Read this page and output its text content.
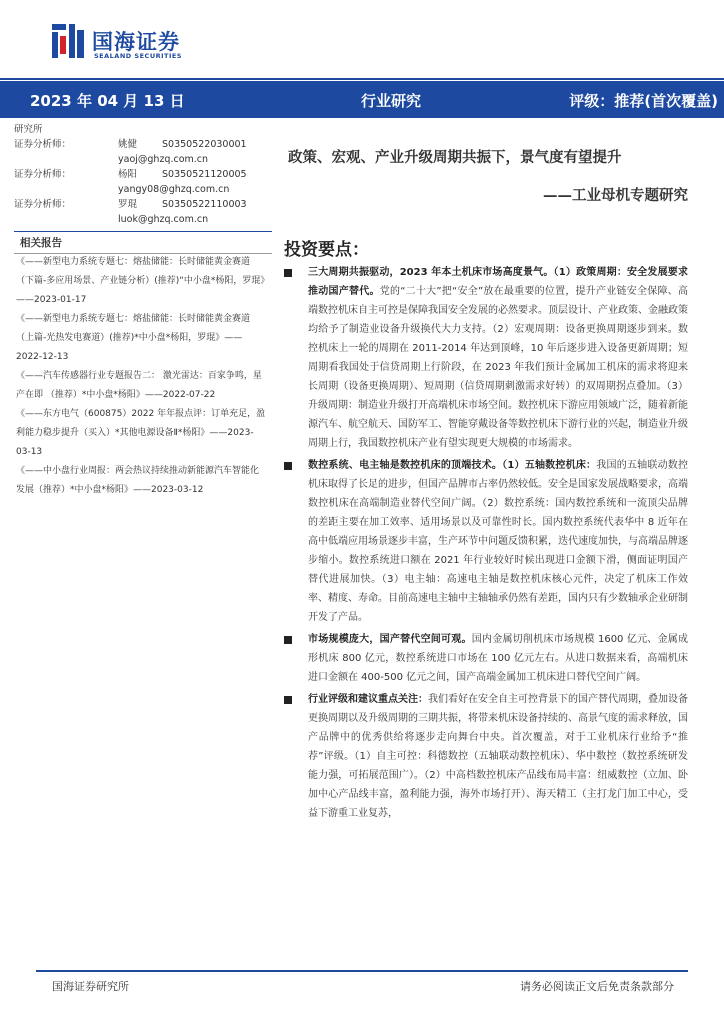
国海证券
SEALAND SECURITIES
2023 年 04 月 13 日	行业研究	评级：推荐(首次覆盖)
研究所
证券分析师：	姚健	S0350522030001
yaoj@ghzq.com.cn
证券分析师：	杨阳	S0350521120005
yangy08@ghzq.com.cn
证券分析师：	罗琨	S0350522110003
luok@ghzq.com.cn
政策、宏观、产业升级周期共振下，景气度有望提升
——工业母机专题研究
相关报告

《——新型电力系统专题七：熔盐储能：长时储能黄金赛道（下篇-多应用场景、产业链分析）(推荐)“中小盘*杨阳，罗琨》——2023-01-17

《——新型电力系统专题七：熔盐储能：长时储能黄金赛道（上篇-光热发电赛道）(推荐)*中小盘*杨阳，罗琨》——2022-12-13

《——汽车传感器行业专题报告二： 激光雷达：百家争鸣，星产在即 （推荐）*中小盘*杨阳》——2022-07-22

《——东方电气（600875）2022 年年报点评：订单充足，盈利能力稳步提升（买入）*其他电源设备Ⅱ*杨阳》——2023-03-13

《——中小盘行业周报：两会热议持续推动新能源汽车智能化发展（推荐）*中小盘*杨阳》——2023-03-12

投资要点：
三大周期共振驱动，2023 年本土机床市场高度景气。（1）政策周期：安全发展要求推动国产替代。党的“二十大”把“安全”放在最重要的位置，提升产业链安全保障、高端数控机床自主可控是保障我国安全发展的必然要求。顶层设计、产业政策、金融政策均给予了制造业设备升级换代大力支持。（2）宏观周期：设备更换周期逐步到来。数控机床上一轮的周期在 2011-2014 年达到顶峰，10 年后逐步进入设备更新周期；短周期看我国处于信贷周期上行阶段，在 2023 年我们预计金属加工机床的需求将迎来长周期（设备更换周期）、短周期（信贷周期刺激需求好转）的双周期拐点叠加。（3）升级周期：制造业升级打开高端机床市场空间。数控机床下游应用领域广泛，随着新能源汽车、航空航天、国防军工、智能穿戴设备等数控机床下游行业的兴起，制造业升级周期上行，我国数控机床产业有望实现更大规模的市场需求。
数控系统、电主轴是数控机床的顶端技术。（1）五轴数控机床：我国的五轴联动数控机床取得了长足的进步，但国产品牌市占率仍然较低。安全是国家发展战略要求，高端数控机床在高端制造业替代空间广阔。（2）数控系统：国内数控系统和一流顶尖品牌的差距主要在加工效率、适用场景以及可靠性时长。国内数控系统代表华中 8 近年在高中低端应用场景逐步丰富，生产环节中问题反馈积累，迭代速度加快，与高端品牌逐步缩小。数控系统进口额在 2021 年行业较好时候出现进口金额下滑，侧面证明国产替代进展加快。（3）电主轴：高速电主轴是数控机床核心元件，决定了机床工作效率、精度、寿命。目前高速电主轴中主轴轴承仍然有差距，国内只有少数轴承企业研制开发了产品。
市场规模庞大，国产替代空间可观。国内金属切削机床市场规模 1600 亿元、金属成形机床 800 亿元，数控系统进口市场在 100 亿元左右。从进口数据来看，高端机床进口金额在 400-500 亿元之间，国产高端金属加工机床进口替代空间广阔。
行业评级和建议重点关注：我们看好在安全自主可控背景下的国产替代周期，叠加设备更换周期以及升级周期的三期共振，将带来机床设备持续的、高景气度的需求释放，国产品牌中的优秀供给将逐步走向舞台中央。首次覆盖，对于工业机床行业给予“推荐”评级。（1）自主可控：科德数控（五轴联动数控机床）、华中数控（数控系统研发能力强，可拓展范围广）。（2）中高档数控机床产品线布局丰富：纽威数控（立加、卧加中心产品线丰富，盈利能力强，海外市场打开）、海天精工（主打龙门加工中心，受益下游重工业复苏，
国海证券研究所	请务必阅读正文后免责条款部分
